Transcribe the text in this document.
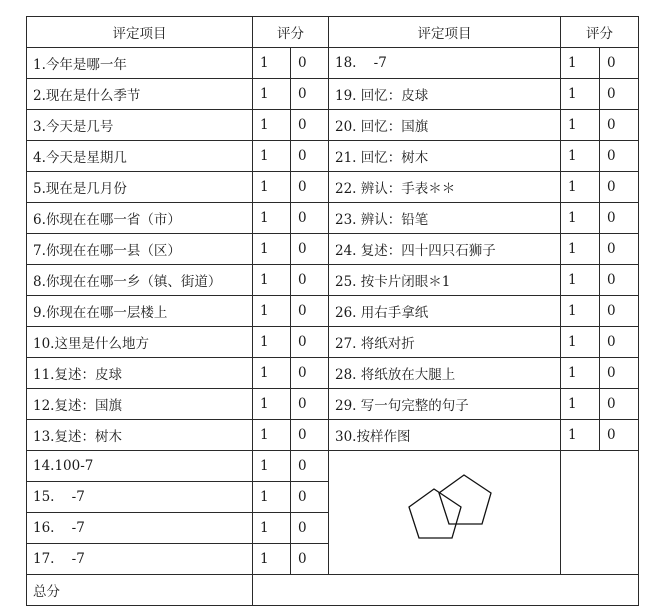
评定项目	评分		评定项目	评分	
1.今年是哪一年	1	0	18.    -7	1	0
2.现在是什么季节	1	0	19. 回忆：皮球	1	0
3.今天是几号	1	0	20. 回忆：国旗	1	0
4.今天是星期几	1	0	21. 回忆：树木	1	0
5.现在是几月份	1	0	22. 辨认：手表＊＊	1	0
6.你现在在哪一省（市）	1	0	23. 辨认：铅笔	1	0
7.你现在在哪一县（区）	1	0	24. 复述：四十四只石狮子	1	0
8.你现在在哪一乡（镇、街道）	1	0	25. 按卡片闭眼＊1	1	0
9.你现在在哪一层楼上	1	0	26. 用右手拿纸	1	0
10.这里是什么地方	1	0	27. 将纸对折	1	0
11.复述：皮球	1	0	28. 将纸放在大腿上	1	0
12.复述：国旗	1	0	29. 写一句完整的句子	1	0
13.复述：树木	1	0	30.按样作图	1	0
14.100-7	1	0		
15.    -7	1	0			
16.    -7	1	0			
17.    -7	1	0			
总分					
